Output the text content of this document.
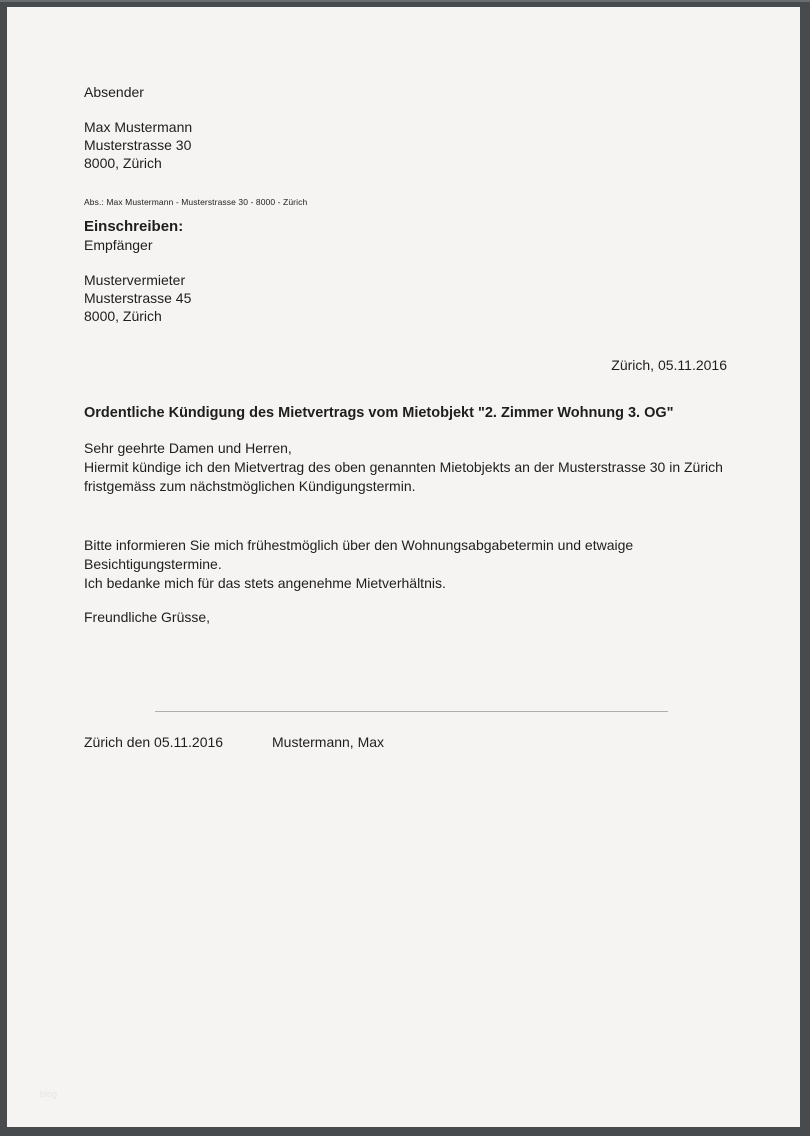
Absender
Max Mustermann
Musterstrasse 30
8000, Zürich
Abs.: Max Mustermann - Musterstrasse 30 - 8000 - Zürich
Einschreiben:
Empfänger
Mustervermieter
Musterstrasse 45
8000, Zürich
Zürich, 05.11.2016
Ordentliche Kündigung des Mietvertrags vom Mietobjekt "2. Zimmer Wohnung 3. OG"

Sehr geehrte Damen und Herren,
Hiermit kündige ich den Mietvertrag des oben genannten Mietobjekts an der Musterstrasse 30 in Zürich fristgemäss zum nächstmöglichen Kündigungstermin.

Bitte informieren Sie mich frühestmöglich über den Wohnungsabgabetermin und etwaige Besichtigungstermine.
Ich bedanke mich für das stets angenehme Mietverhältnis.

Freundliche Grüsse,
Zürich den 05.11.2016	Mustermann, Max
blog
